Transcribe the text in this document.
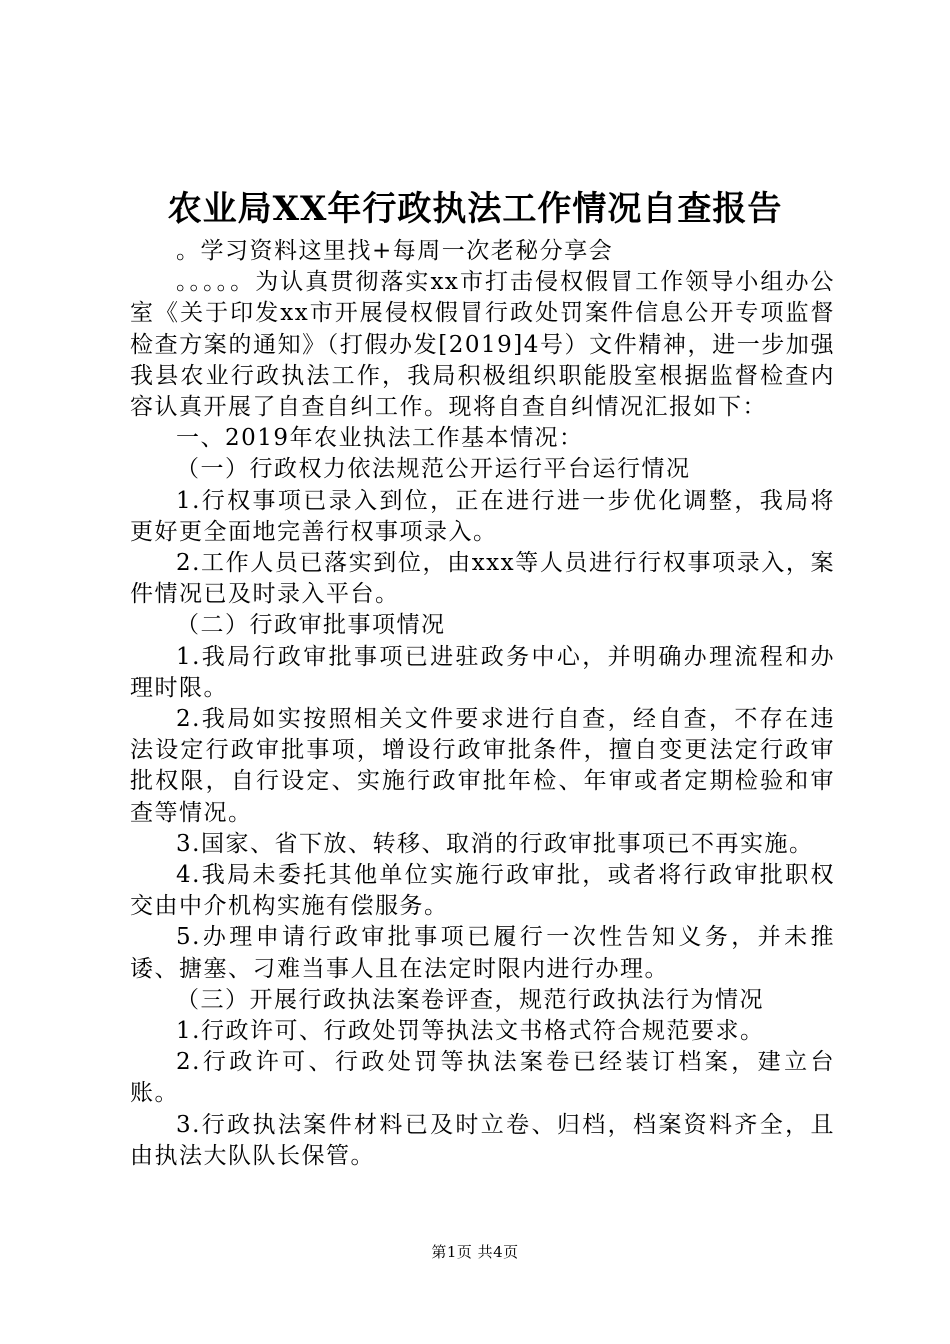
农业局XX年行政执法工作情况自查报告

。学习资料这里找+每周一次老秘分享会

。。。。。为认真贯彻落实xx市打击侵权假冒工作领导小组办公室《关于印发xx市开展侵权假冒行政处罚案件信息公开专项监督检查方案的通知》（打假办发[2019]4号）文件精神，进一步加强我县农业行政执法工作，我局积极组织职能股室根据监督检查内容认真开展了自查自纠工作。现将自查自纠情况汇报如下：

一、2019年农业执法工作基本情况：

（一）行政权力依法规范公开运行平台运行情况

1.行权事项已录入到位，正在进行进一步优化调整，我局将更好更全面地完善行权事项录入。

2.工作人员已落实到位，由xxx等人员进行行权事项录入，案件情况已及时录入平台。

（二）行政审批事项情况

1.我局行政审批事项已进驻政务中心，并明确办理流程和办理时限。

2.我局如实按照相关文件要求进行自查，经自查，不存在违法设定行政审批事项，增设行政审批条件，擅自变更法定行政审批权限，自行设定、实施行政审批年检、年审或者定期检验和审查等情况。

3.国家、省下放、转移、取消的行政审批事项已不再实施。

4.我局未委托其他单位实施行政审批，或者将行政审批职权交由中介机构实施有偿服务。

5.办理申请行政审批事项已履行一次性告知义务，并未推诿、搪塞、刁难当事人且在法定时限内进行办理。

（三）开展行政执法案卷评查，规范行政执法行为情况

1.行政许可、行政处罚等执法文书格式符合规范要求。

2.行政许可、行政处罚等执法案卷已经装订档案，建立台账。

3.行政执法案件材料已及时立卷、归档，档案资料齐全，且由执法大队队长保管。

第1页 共4页
